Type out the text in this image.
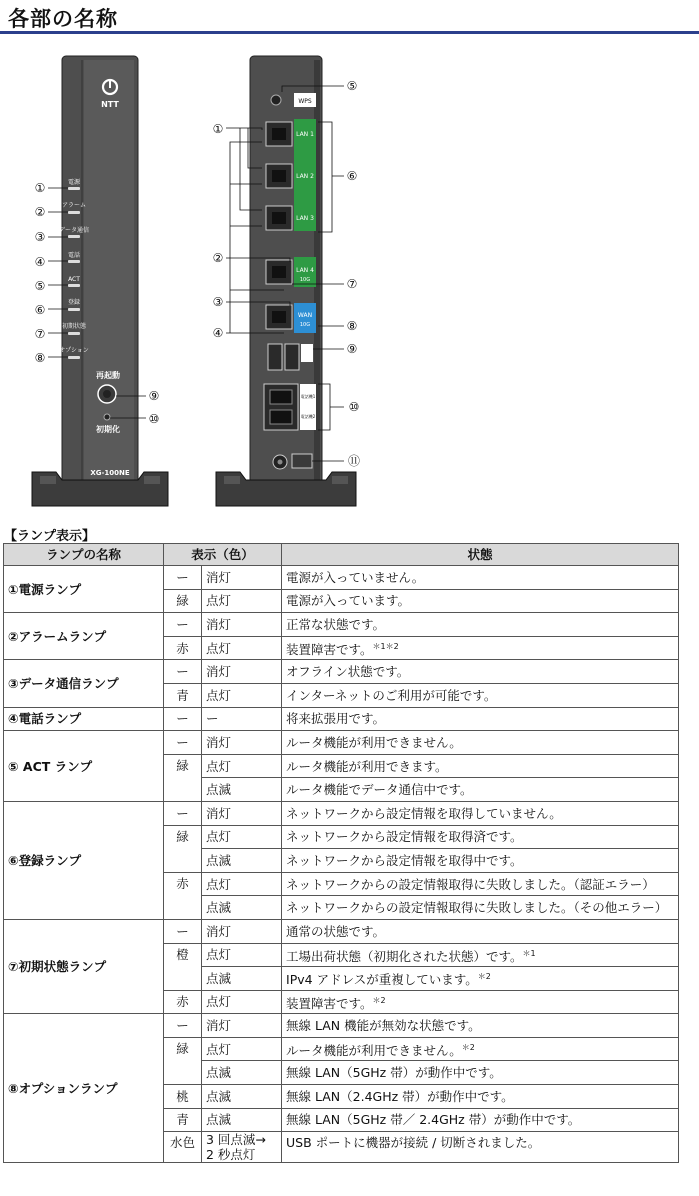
各部の名称
NTT
電源
アラーム
データ通信
電話
ACT
登録
初期状態
オプション
①
②
③
④
⑤
⑥
⑦
⑧
再起動
初期化
XG-100NE
⑨
⑩
WPS
LAN 1
LAN 2
LAN 3
LAN 4
10G
WAN
10G
電話機1
電話機2
①
②
③
④
⑤
⑥
⑦
⑧
⑨
⑩
⑪
【ランプ表示】
ランプの名称	表示（色）		状態
①電源ランプ	ー	消灯	電源が入っていません。
	緑	点灯	電源が入っています。
②アラームランプ	ー	消灯	正常な状態です。
	赤	点灯	装置障害です。$^{*1*2}$
③データ通信ランプ	ー	消灯	オフライン状態です。
	青	点灯	インターネットのご利用が可能です。
④電話ランプ	ー	ー	将来拡張用です。
⑤ ACT ランプ	ー	消灯	ルータ機能が利用できません。
	緑	点灯	ルータ機能が利用できます。
		点滅	ルータ機能でデータ通信中です。
⑥登録ランプ	ー	消灯	ネットワークから設定情報を取得していません。
	緑	点灯	ネットワークから設定情報を取得済です。
		点滅	ネットワークから設定情報を取得中です。
	赤	点灯	ネットワークからの設定情報取得に失敗しました。（認証エラー）
		点滅	ネットワークからの設定情報取得に失敗しました。（その他エラー）
⑦初期状態ランプ	ー	消灯	通常の状態です。
	橙	点灯	工場出荷状態（初期化された状態）です。$^{*1}$
		点滅	IPv4 アドレスが重複しています。$^{*2}$
	赤	点灯	装置障害です。$^{*2}$
⑧オプションランプ	ー	消灯	無線 LAN 機能が無効な状態です。
	緑	点灯	ルータ機能が利用できません。$^{*2}$
		点滅	無線 LAN（5GHz 帯）が動作中です。
	桃	点滅	無線 LAN（2.4GHz 帯）が動作中です。
	青	点滅	無線 LAN（5GHz 帯／ 2.4GHz 帯）が動作中です。
	水色	3 回点滅→
2 秒点灯	USB ポートに機器が接続 / 切断されました。
